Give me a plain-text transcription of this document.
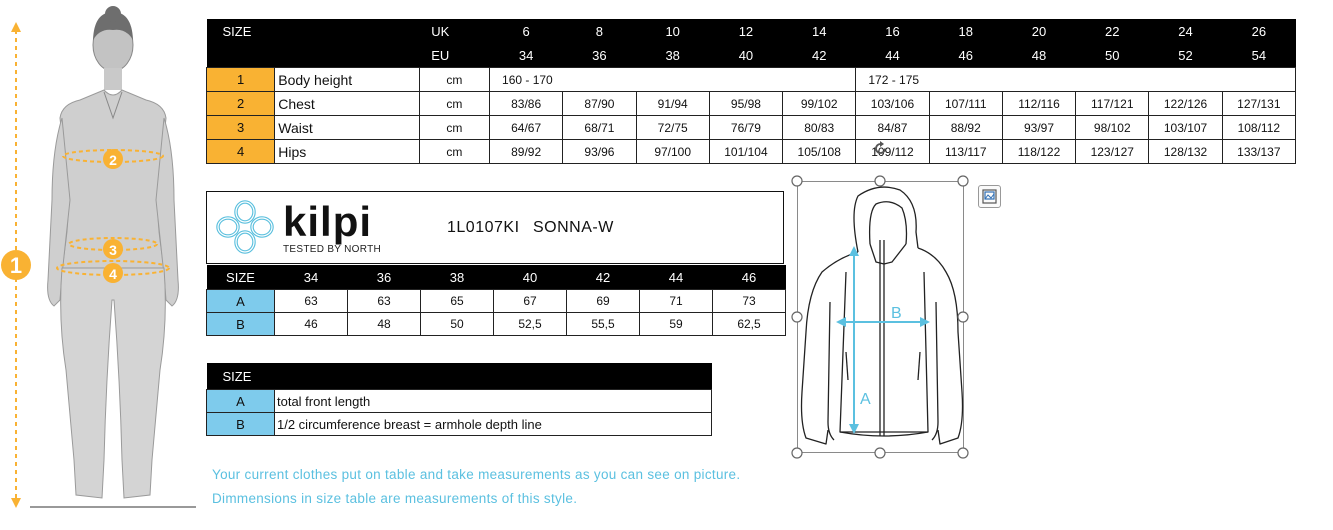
1
2
3
4
SIZE			UK	6	8	10	12	14	16	18	20	22	24	26
			EU	34	36	38	40	42	44	46	48	50	52	54
1	Body height		cm	160 - 170					172 - 175					
2	Chest		cm	83/86	87/90	91/94	95/98	99/102	103/106	107/111	112/116	117/121	122/126	127/131
3	Waist		cm	64/67	68/71	72/75	76/79	80/83	84/87	88/92	93/97	98/102	103/107	108/112
4	Hips		cm	89/92	93/96	97/100	101/104	105/108	109/112	113/117	118/122	123/127	128/132	133/137
kilpi
TESTED BY NORTH
1L0107KI SONNA-W
SIZE	34	36	38	40	42	44	46
A	63	63	65	67	69	71	73
B	46	48	50	52,5	55,5	59	62,5
SIZE	
A	total front length
B	1/2 circumference breast = armhole depth line
A
B
Your current clothes put on table and take measurements as you can see on picture.
Dimmensions in size table are measurements of this style.
